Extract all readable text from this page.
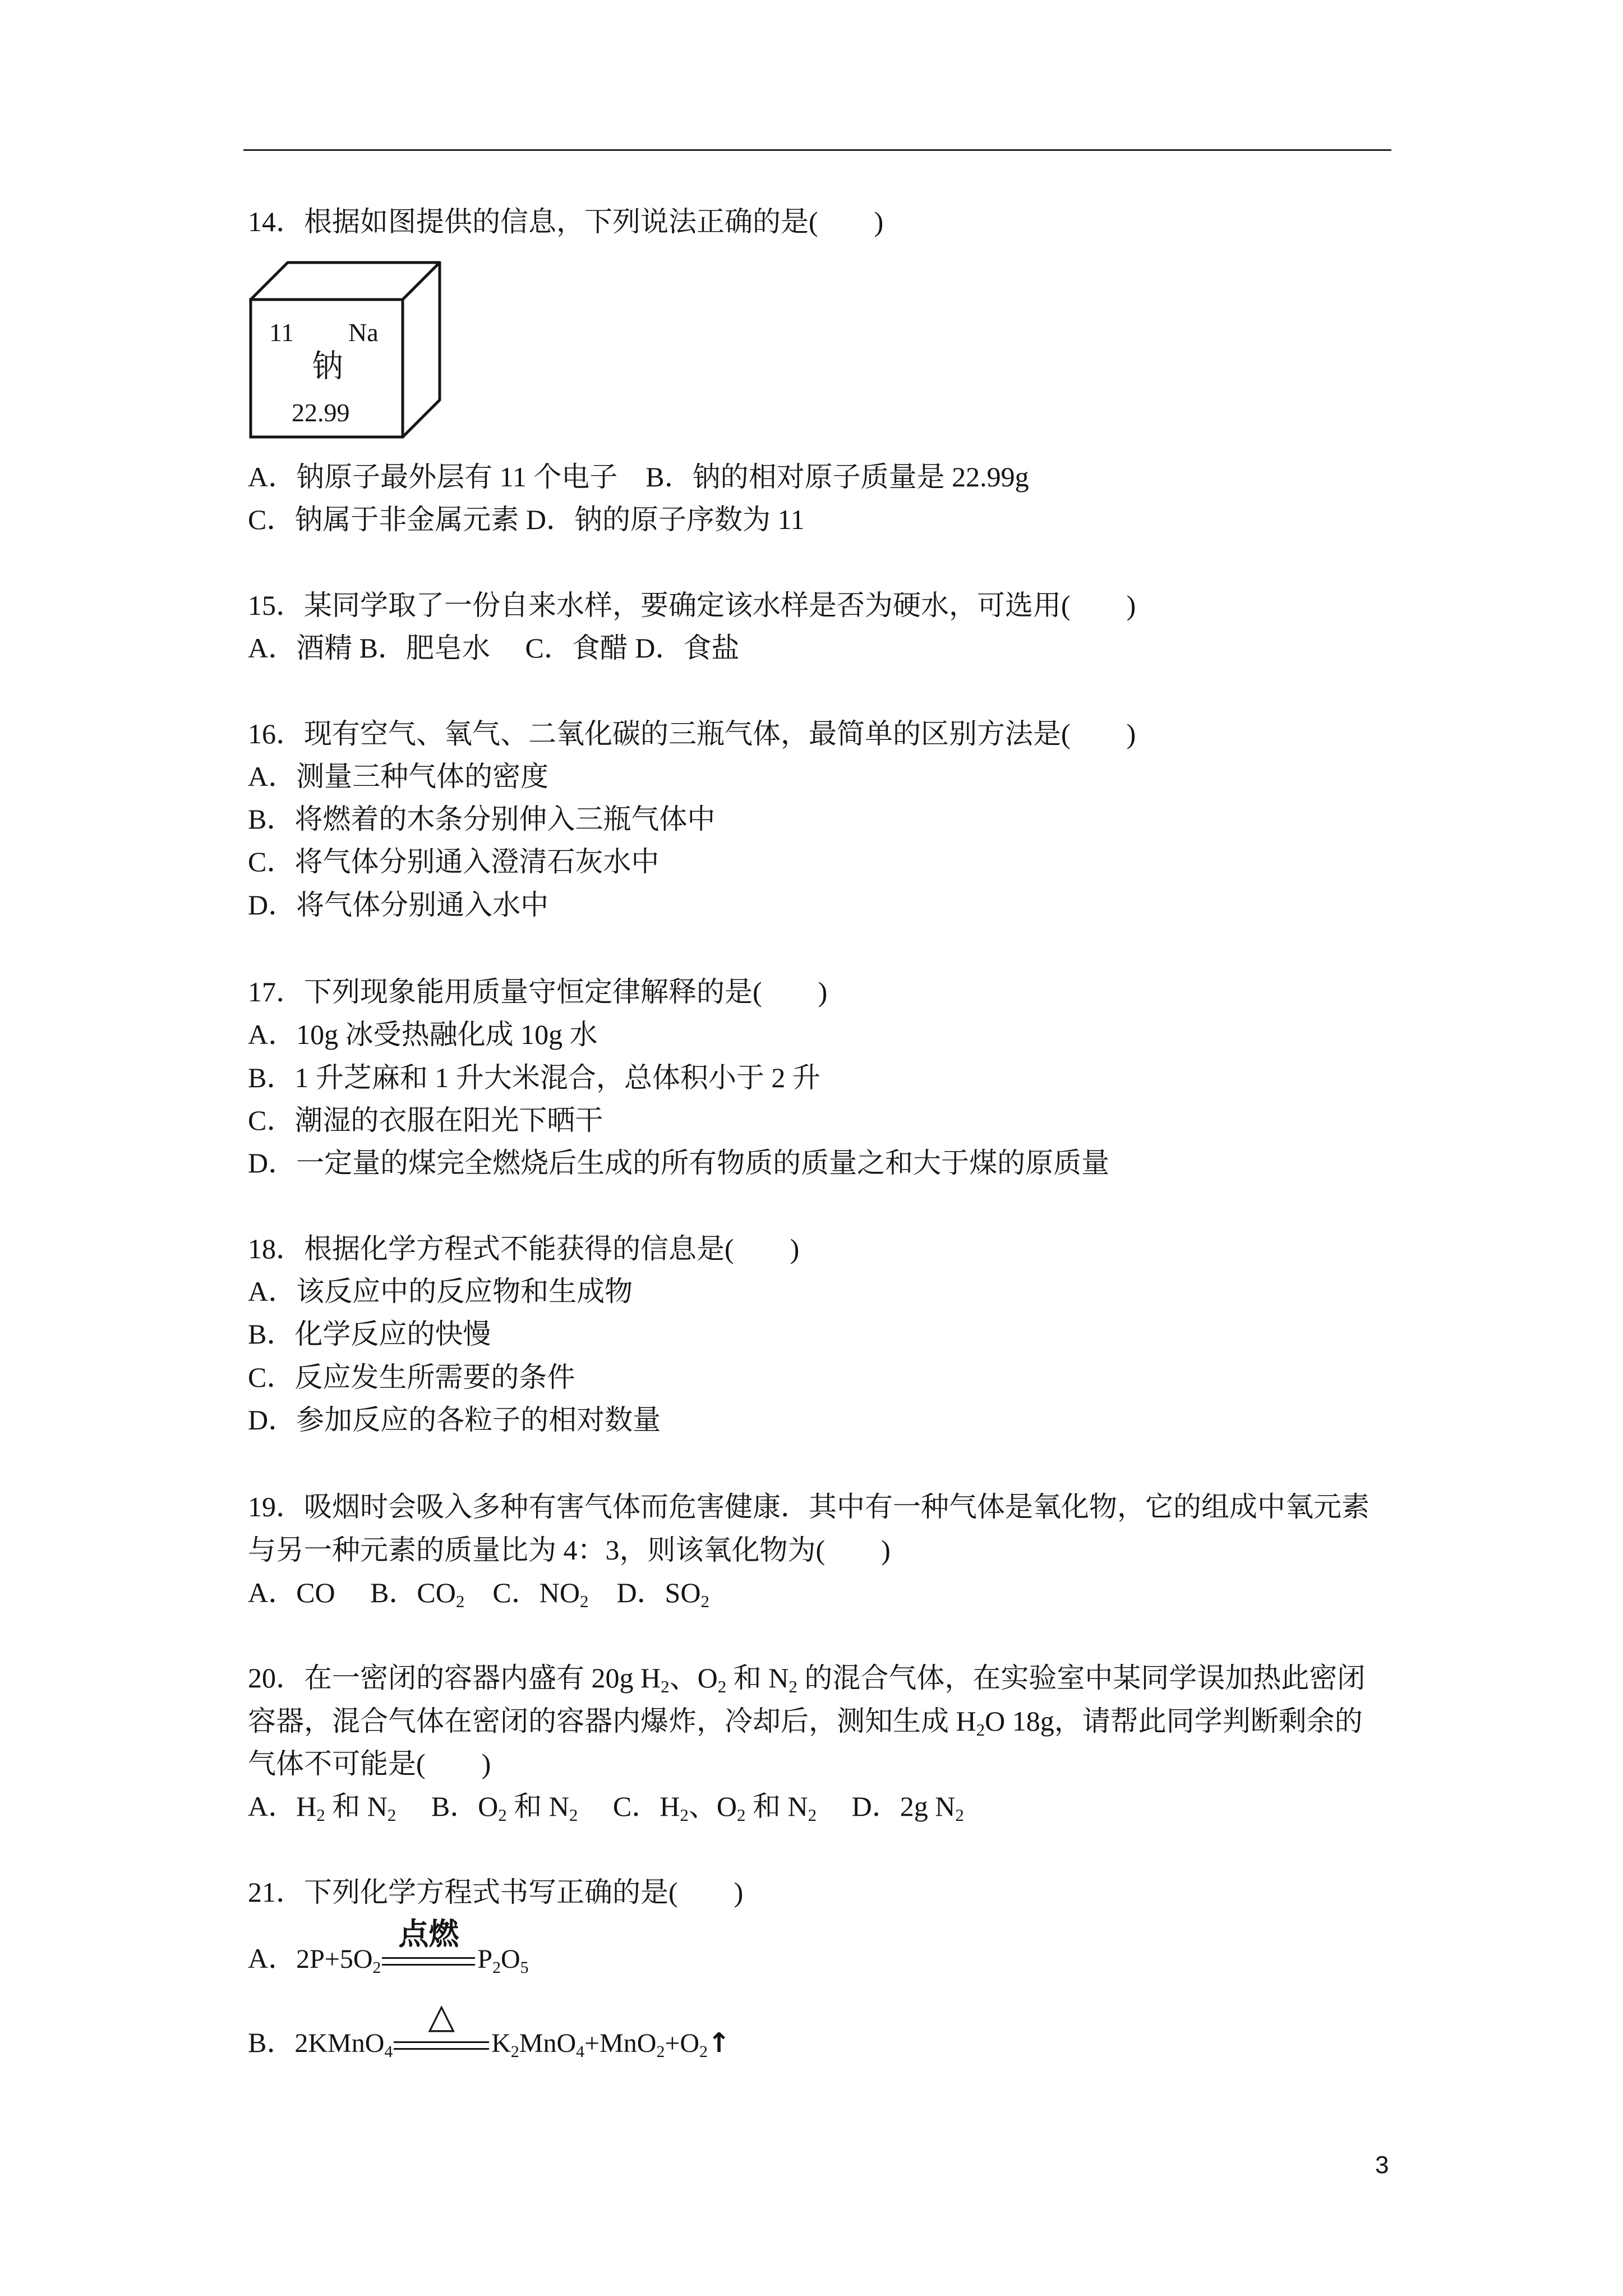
14．根据如图提供的信息，下列说法正确的是(　　)
11 Na
钠
22.99
A．钠原子最外层有 11 个电子　B．钠的相对原子质量是 22.99g
C．钠属于非金属元素 D．钠的原子序数为 11
15．某同学取了一份自来水样，要确定该水样是否为硬水，可选用(　　)
A．酒精 B．肥皂水　 C．食醋 D．食盐
16．现有空气、氧气、二氧化碳的三瓶气体，最简单的区别方法是(　　)
A．测量三种气体的密度
B．将燃着的木条分别伸入三瓶气体中
C．将气体分别通入澄清石灰水中
D．将气体分别通入水中
17．下列现象能用质量守恒定律解释的是(　　)
A．10g 冰受热融化成 10g 水
B．1 升芝麻和 1 升大米混合，总体积小于 2 升
C．潮湿的衣服在阳光下晒干
D．一定量的煤完全燃烧后生成的所有物质的质量之和大于煤的原质量
18．根据化学方程式不能获得的信息是(　　)
A．该反应中的反应物和生成物
B．化学反应的快慢
C．反应发生所需要的条件
D．参加反应的各粒子的相对数量
19．吸烟时会吸入多种有害气体而危害健康．其中有一种气体是氧化物，它的组成中氧元素
与另一种元素的质量比为 4：3，则该氧化物为(　　)
A．CO　 B．$CO_2$　C．$NO_2$　D．$SO_2$
20．在一密闭的容器内盛有 20g $H_2$、$O_2$ 和 $N_2$ 的混合气体，在实验室中某同学误加热此密闭
容器，混合气体在密闭的容器内爆炸，冷却后，测知生成 $H_2O$ 18g，请帮此同学判断剩余的
气体不可能是(　　)
A．$H_2$ 和 $N_2$　 B．$O_2$ 和 $N_2$　 C．$H_2$、$O_2$ 和 $N_2$　 D．2g $N_2$
21．下列化学方程式书写正确的是(　　)
A．$2P+5O_2$
点燃
$P_2O_5$
B．2KMnO$_4$
△
$K_2MnO_4+MnO_2+O_2↑$
3
